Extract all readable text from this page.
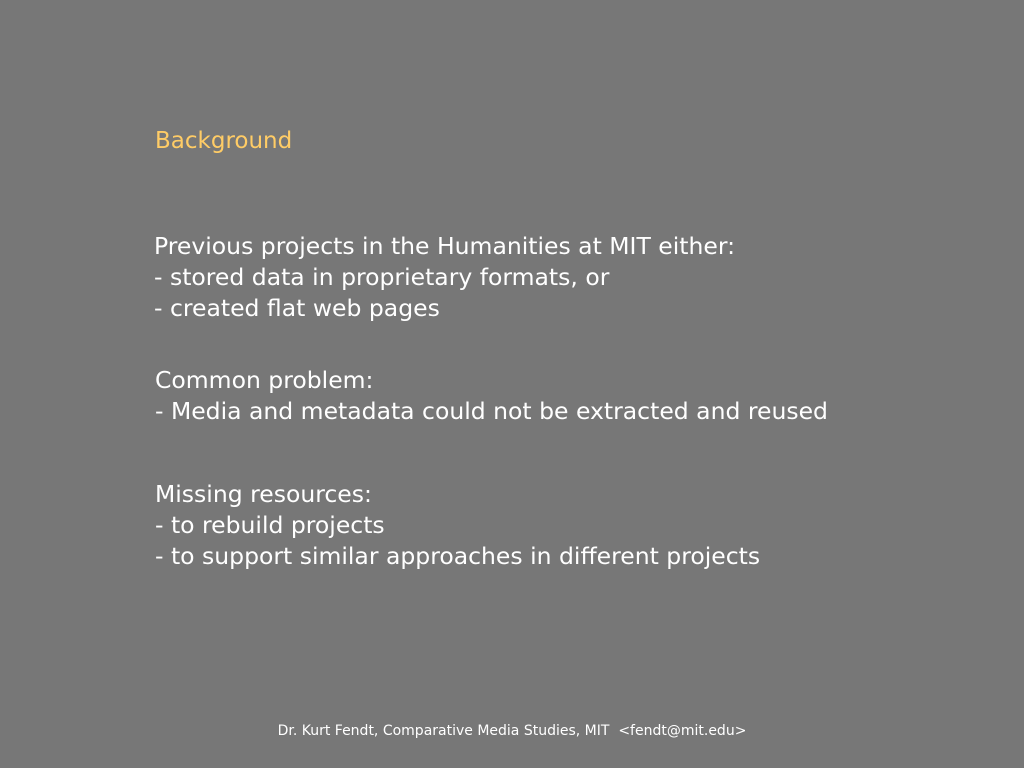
Background

Previous projects in the Humanities at MIT either:

- stored data in proprietary formats, or

- created flat web pages

Common problem:

- Media and metadata could not be extracted and reused

Missing resources:

- to rebuild projects

- to support similar approaches in different projects

Dr. Kurt Fendt, Comparative Media Studies, MIT  <fendt@mit.edu>
